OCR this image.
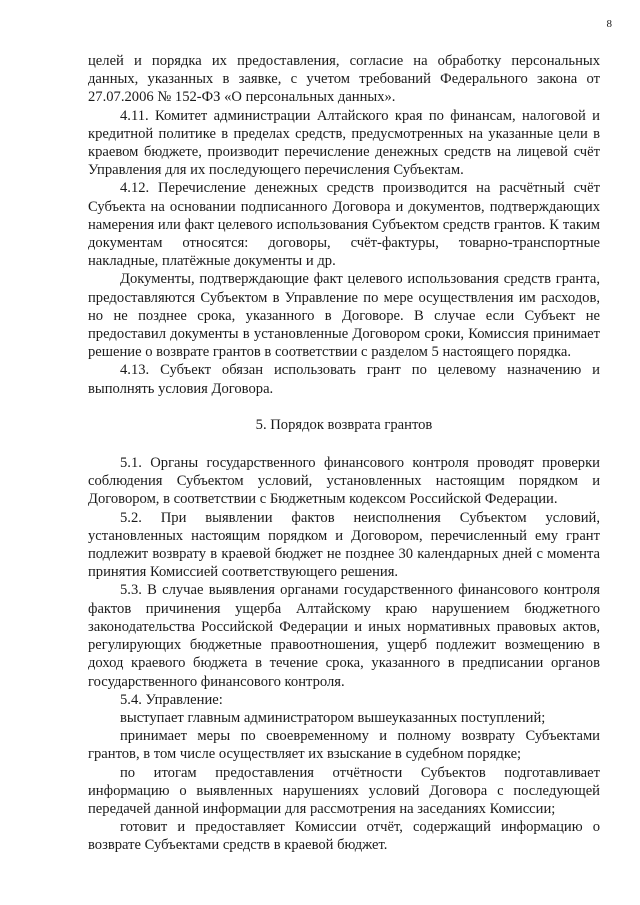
8

целей и порядка их предоставления, согласие на обработку персональных данных, указанных в заявке, с учетом требований Федерального закона от 27.07.2006 № 152-ФЗ «О персональных данных».

4.11. Комитет администрации Алтайского края по финансам, налоговой и кредитной политике в пределах средств, предусмотренных на указанные цели в краевом бюджете, производит перечисление денежных средств на лицевой счёт Управления для их последующего перечисления Субъектам.

4.12. Перечисление денежных средств производится на расчётный счёт Субъекта на основании подписанного Договора и документов, подтверждающих намерения или факт целевого использования Субъектом средств грантов. К таким документам относятся: договоры, счёт-фактуры, товарно-транспортные накладные, платёжные документы и др.

Документы, подтверждающие факт целевого использования средств гранта, предоставляются Субъектом в Управление по мере осуществления им расходов, но не позднее срока, указанного в Договоре. В случае если Субъект не предоставил документы в установленные Договором сроки, Комиссия принимает решение о возврате грантов в соответствии с разделом 5 настоящего порядка.

4.13. Субъект обязан использовать грант по целевому назначению и выполнять условия Договора.

5. Порядок возврата грантов

5.1. Органы государственного финансового контроля проводят проверки соблюдения Субъектом условий, установленных настоящим порядком и Договором, в соответствии с Бюджетным кодексом Российской Федерации.

5.2. При выявлении фактов неисполнения Субъектом условий, установленных настоящим порядком и Договором, перечисленный ему грант подлежит возврату в краевой бюджет не позднее 30 календарных дней с момента принятия Комиссией соответствующего решения.

5.3. В случае выявления органами государственного финансового контроля фактов причинения ущерба Алтайскому краю нарушением бюджетного законодательства Российской Федерации и иных нормативных правовых актов, регулирующих бюджетные правоотношения, ущерб подлежит возмещению в доход краевого бюджета в течение срока, указанного в предписании органов государственного финансового контроля.

5.4. Управление:

выступает главным администратором вышеуказанных поступлений;

принимает меры по своевременному и полному возврату Субъектами грантов, в том числе осуществляет их взыскание в судебном порядке;

по итогам предоставления отчётности Субъектов подготавливает информацию о выявленных нарушениях условий Договора с последующей передачей данной информации для рассмотрения на заседаниях Комиссии;

готовит и предоставляет Комиссии отчёт, содержащий информацию о возврате Субъектами средств в краевой бюджет.
